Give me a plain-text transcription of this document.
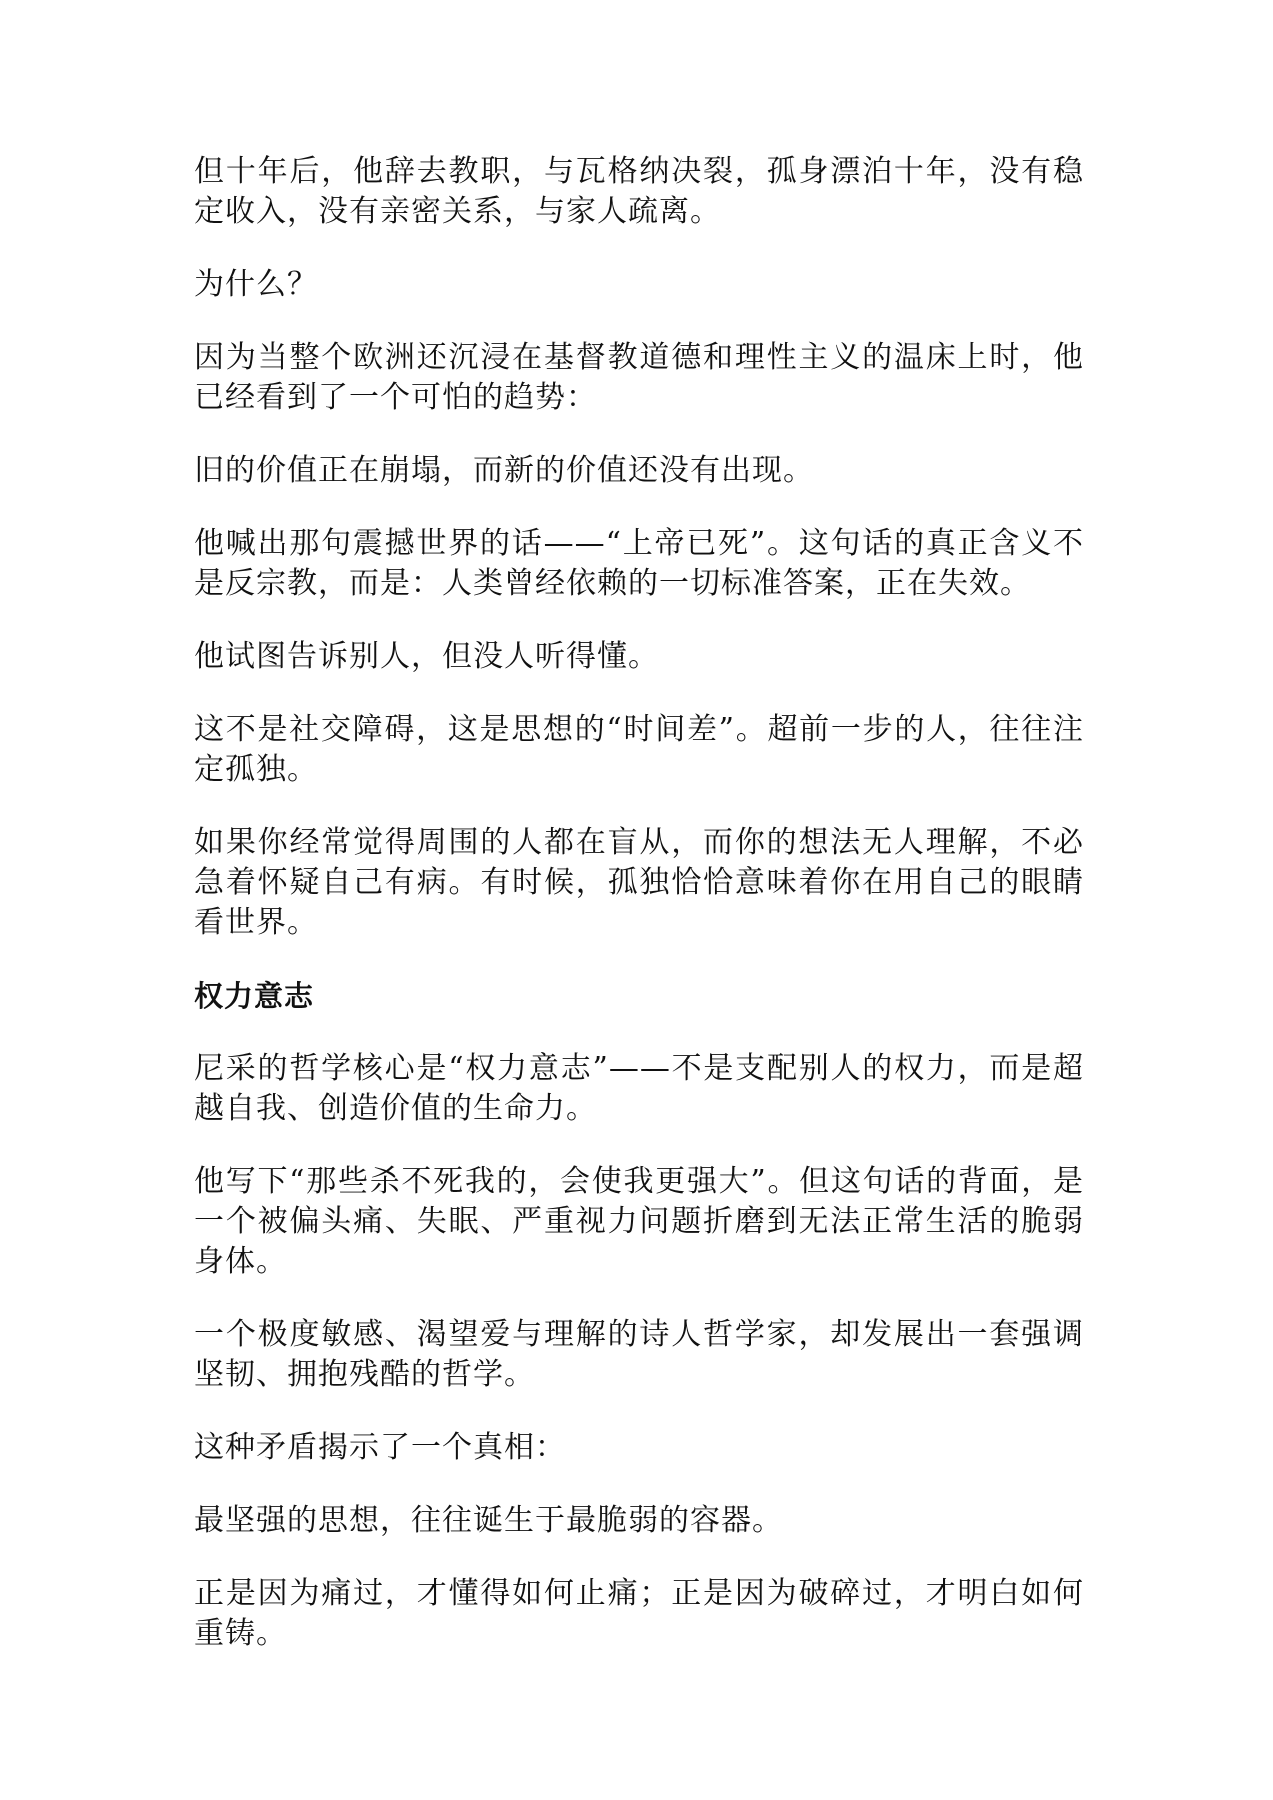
但十年后，他辞去教职，与瓦格纳决裂，孤身漂泊十年，没有稳定收入，没有亲密关系，与家人疏离。

为什么？

因为当整个欧洲还沉浸在基督教道德和理性主义的温床上时，他已经看到了一个可怕的趋势：

旧的价值正在崩塌，而新的价值还没有出现。

他喊出那句震撼世界的话——“上帝已死”。这句话的真正含义不是反宗教，而是：人类曾经依赖的一切标准答案，正在失效。

他试图告诉别人，但没人听得懂。

这不是社交障碍，这是思想的“时间差”。超前一步的人，往往注定孤独。

如果你经常觉得周围的人都在盲从，而你的想法无人理解，不必急着怀疑自己有病。有时候，孤独恰恰意味着你在用自己的眼睛看世界。

权力意志

尼采的哲学核心是“权力意志”——不是支配别人的权力，而是超越自我、创造价值的生命力。

他写下“那些杀不死我的，会使我更强大”。但这句话的背面，是一个被偏头痛、失眠、严重视力问题折磨到无法正常生活的脆弱身体。

一个极度敏感、渴望爱与理解的诗人哲学家，却发展出一套强调坚韧、拥抱残酷的哲学。

这种矛盾揭示了一个真相：

最坚强的思想，往往诞生于最脆弱的容器。

正是因为痛过，才懂得如何止痛；正是因为破碎过，才明白如何重铸。
